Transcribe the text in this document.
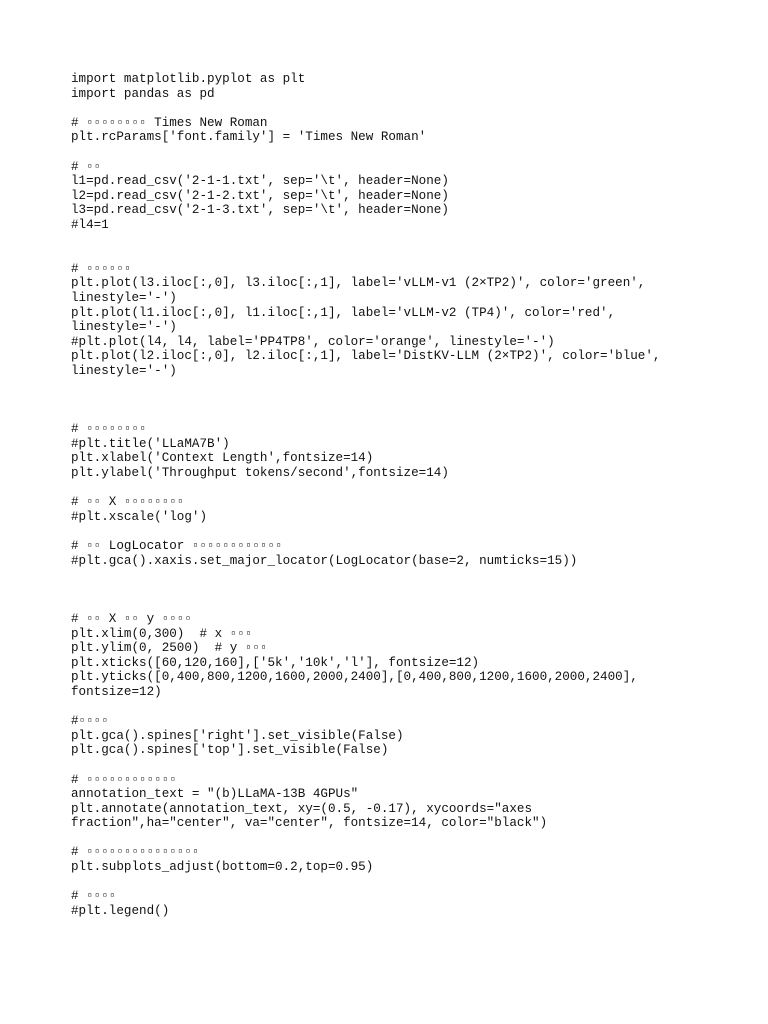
import matplotlib.pyplot as plt
import pandas as pd
# ▫▫▫▫▫▫▫▫ Times New Roman
plt.rcParams['font.family'] = 'Times New Roman'
# ▫▫
l1=pd.read_csv('2-1-1.txt', sep='\t', header=None)
l2=pd.read_csv('2-1-2.txt', sep='\t', header=None)
l3=pd.read_csv('2-1-3.txt', sep='\t', header=None)
#l4=1
# ▫▫▫▫▫▫
plt.plot(l3.iloc[:,0], l3.iloc[:,1], label='vLLM-v1 (2×TP2)', color='green',
linestyle='-')
plt.plot(l1.iloc[:,0], l1.iloc[:,1], label='vLLM-v2 (TP4)', color='red',
linestyle='-')
#plt.plot(l4, l4, label='PP4TP8', color='orange', linestyle='-')
plt.plot(l2.iloc[:,0], l2.iloc[:,1], label='DistKV-LLM (2×TP2)', color='blue',
linestyle='-')
# ▫▫▫▫▫▫▫▫
#plt.title('LLaMA7B')
plt.xlabel('Context Length',fontsize=14)
plt.ylabel('Throughput tokens/second',fontsize=14)
# ▫▫ X ▫▫▫▫▫▫▫▫
#plt.xscale('log')
# ▫▫ LogLocator ▫▫▫▫▫▫▫▫▫▫▫▫
#plt.gca().xaxis.set_major_locator(LogLocator(base=2, numticks=15))
# ▫▫ X ▫▫ y ▫▫▫▫
plt.xlim(0,300)  # x ▫▫▫
plt.ylim(0, 2500)  # y ▫▫▫
plt.xticks([60,120,160],['5k','10k','l'], fontsize=12)
plt.yticks([0,400,800,1200,1600,2000,2400],[0,400,800,1200,1600,2000,2400],
fontsize=12)
#▫▫▫▫
plt.gca().spines['right'].set_visible(False)
plt.gca().spines['top'].set_visible(False)
# ▫▫▫▫▫▫▫▫▫▫▫▫
annotation_text = "(b)LLaMA-13B 4GPUs"
plt.annotate(annotation_text, xy=(0.5, -0.17), xycoords="axes
fraction",ha="center", va="center", fontsize=14, color="black")
# ▫▫▫▫▫▫▫▫▫▫▫▫▫▫▫
plt.subplots_adjust(bottom=0.2,top=0.95)
# ▫▫▫▫
#plt.legend()
